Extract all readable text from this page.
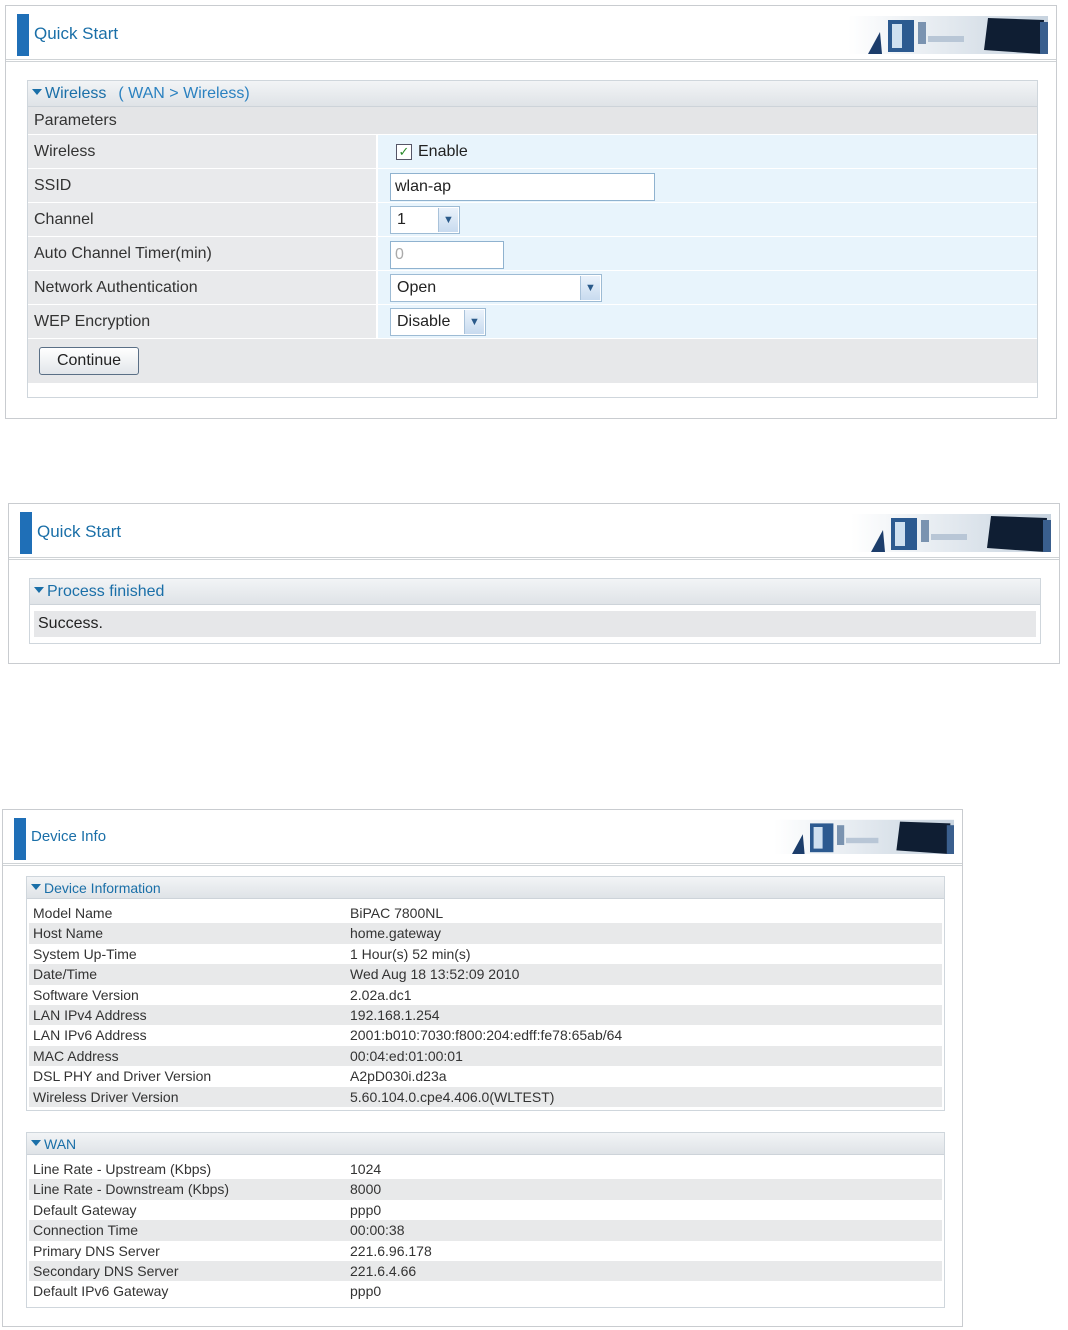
Quick Start
Wireless ( WAN > Wireless)
Parameters
Wireless	✓ Enable
SSID	wlan-ap
Channel	1	▼
Auto Channel Timer(min)	0
Network Authentication	Open	▼
WEP Encryption	Disable	▼
Continue
Quick Start
Process finished
Success.
Device Info
Device Information
Model Name	BiPAC 7800NL
Host Name	home.gateway
System Up-Time	1 Hour(s) 52 min(s)
Date/Time	Wed Aug 18 13:52:09 2010
Software Version	2.02a.dc1
LAN IPv4 Address	192.168.1.254
LAN IPv6 Address	2001:b010:7030:f800:204:edff:fe78:65ab/64
MAC Address	00:04:ed:01:00:01
DSL PHY and Driver Version	A2pD030i.d23a
Wireless Driver Version	5.60.104.0.cpe4.406.0(WLTEST)
WAN
Line Rate - Upstream (Kbps)	1024
Line Rate - Downstream (Kbps)	8000
Default Gateway	ppp0
Connection Time	00:00:38
Primary DNS Server	221.6.96.178
Secondary DNS Server	221.6.4.66
Default IPv6 Gateway	ppp0
